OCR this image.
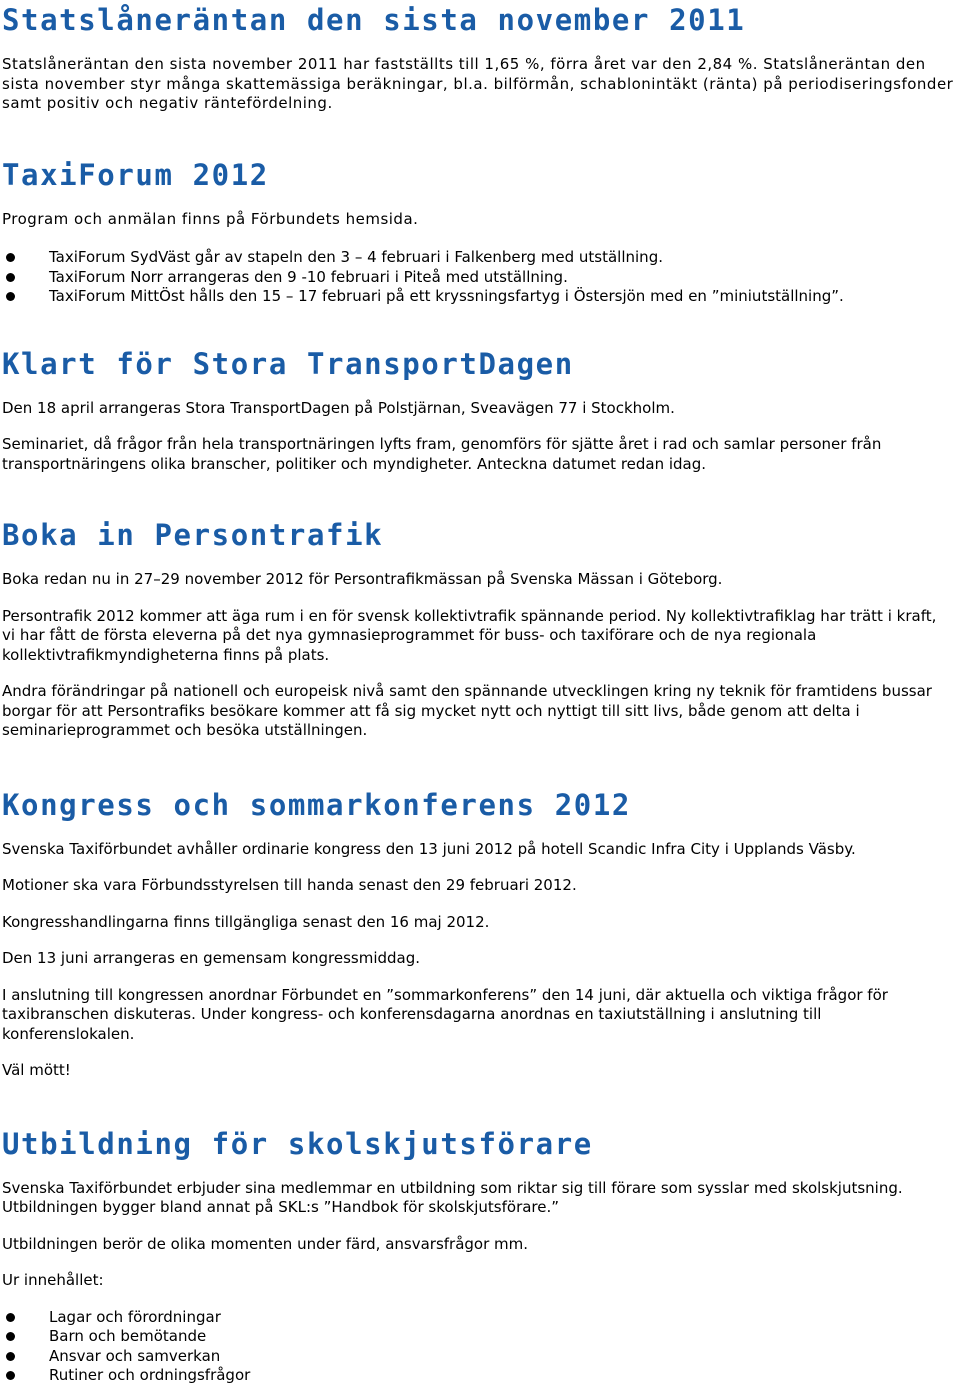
Statslåneräntan den sista november 2011

Statslåneräntan den sista november 2011 har fastställts till 1,65 %, förra året var den 2,84 %. Statslåneräntan den sista november styr många skattemässiga beräkningar, bl.a. bilförmån, schablonintäkt (ränta) på periodiseringsfonder samt positiv och negativ räntefördelning.

TaxiForum 2012

Program och anmälan finns på Förbundets hemsida.

TaxiForum SydVäst går av stapeln den 3 – 4 februari i Falkenberg med utställning.
TaxiForum Norr arrangeras den 9 -10 februari i Piteå med utställning.
TaxiForum MittÖst hålls den 15 – 17 februari på ett kryssningsfartyg i Östersjön med en ”miniutställning”.
Klart för Stora TransportDagen

Den 18 april arrangeras Stora TransportDagen på Polstjärnan, Sveavägen 77 i Stockholm.

Seminariet, då frågor från hela transportnäringen lyfts fram, genomförs för sjätte året i rad och samlar personer från transportnäringens olika branscher, politiker och myndigheter. Anteckna datumet redan idag.

Boka in Persontrafik

Boka redan nu in 27–29 november 2012 för Persontrafikmässan på Svenska Mässan i Göteborg.

Persontrafik 2012 kommer att äga rum i en för svensk kollektivtrafik spännande period. Ny kollektivtrafiklag har trätt i kraft, vi har fått de första eleverna på det nya gymnasieprogrammet för buss- och taxiförare och de nya regionala kollektivtrafikmyndigheterna finns på plats.

Andra förändringar på nationell och europeisk nivå samt den spännande utvecklingen kring ny teknik för framtidens bussar borgar för att Persontrafiks besökare kommer att få sig mycket nytt och nyttigt till sitt livs, både genom att delta i seminarieprogrammet och besöka utställningen.

Kongress och sommarkonferens 2012

Svenska Taxiförbundet avhåller ordinarie kongress den 13 juni 2012 på hotell Scandic Infra City i Upplands Väsby.

Motioner ska vara Förbundsstyrelsen till handa senast den 29 februari 2012.

Kongresshandlingarna finns tillgängliga senast den 16 maj 2012.

Den 13 juni arrangeras en gemensam kongressmiddag.

I anslutning till kongressen anordnar Förbundet en ”sommarkonferens” den 14 juni, där aktuella och viktiga frågor för taxibranschen diskuteras. Under kongress- och konferensdagarna anordnas en taxiutställning i anslutning till konferenslokalen.

Väl mött!

Utbildning för skolskjutsförare

Svenska Taxiförbundet erbjuder sina medlemmar en utbildning som riktar sig till förare som sysslar med skolskjutsning. Utbildningen bygger bland annat på SKL:s ”Handbok för skolskjutsförare.”

Utbildningen berör de olika momenten under färd, ansvarsfrågor mm.

Ur innehållet:

Lagar och förordningar
Barn och bemötande
Ansvar och samverkan
Rutiner och ordningsfrågor
